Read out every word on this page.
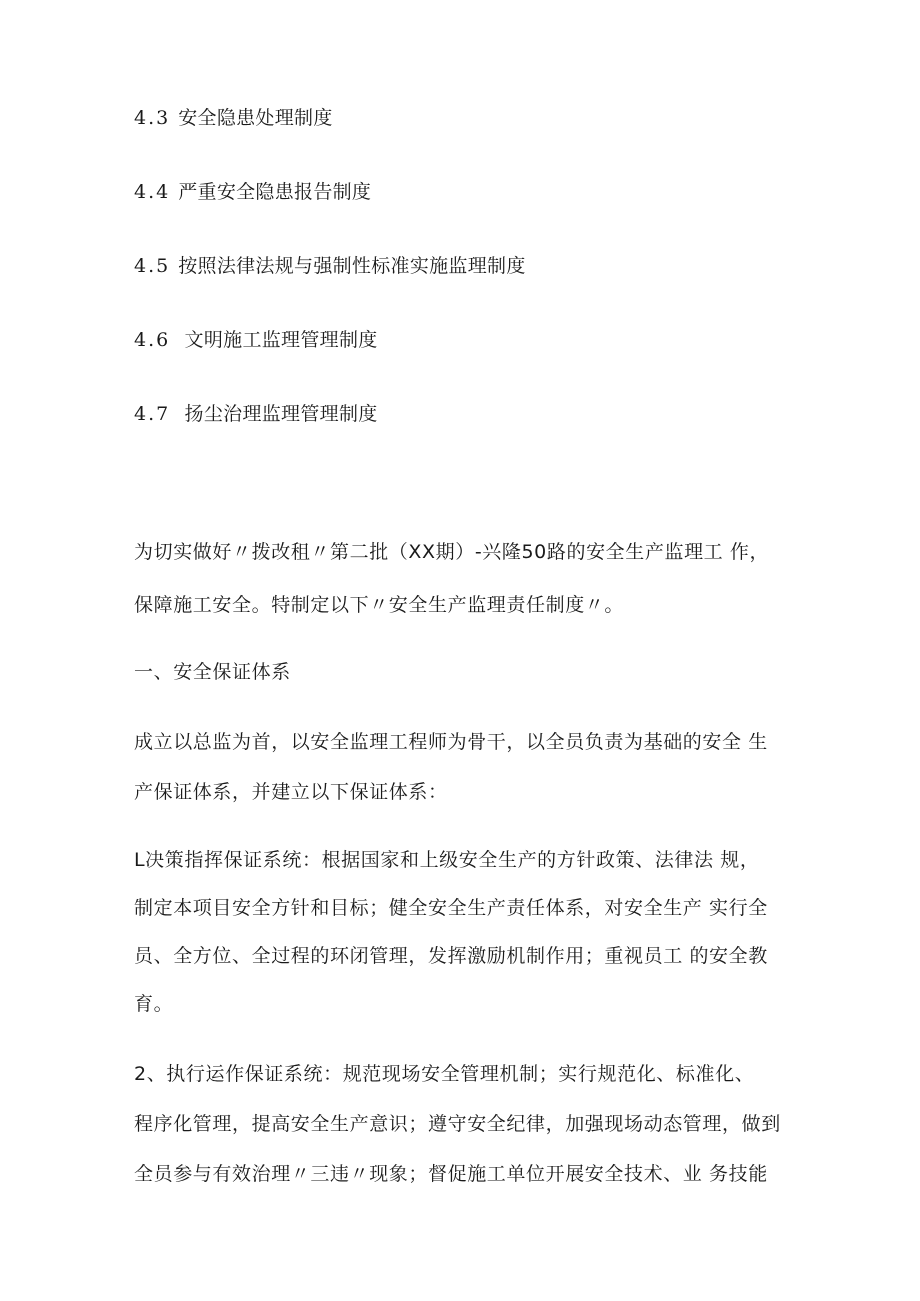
4.3 安全隐患处理制度
4.4 严重安全隐患报告制度
4.5 按照法律法规与强制性标准实施监理制度
4.6 文明施工监理管理制度
4.7 扬尘治理监理管理制度
为切实做好〃拨改租〃第二批（XX期）-兴隆50路的安全生产监理工 作，
保障施工安全。特制定以下〃安全生产监理责任制度〃。
一、安全保证体系
成立以总监为首，以安全监理工程师为骨干，以全员负责为基础的安全 生
产保证体系，并建立以下保证体系：
L决策指挥保证系统：根据国家和上级安全生产的方针政策、法律法 规，
制定本项目安全方针和目标；健全安全生产责任体系，对安全生产 实行全
员、全方位、全过程的环闭管理，发挥激励机制作用；重视员工 的安全教
育。
2、执行运作保证系统：规范现场安全管理机制；实行规范化、标准化、
程序化管理，提高安全生产意识；遵守安全纪律，加强现场动态管理，做到
全员参与有效治理〃三违〃现象；督促施工单位开展安全技术、业 务技能
